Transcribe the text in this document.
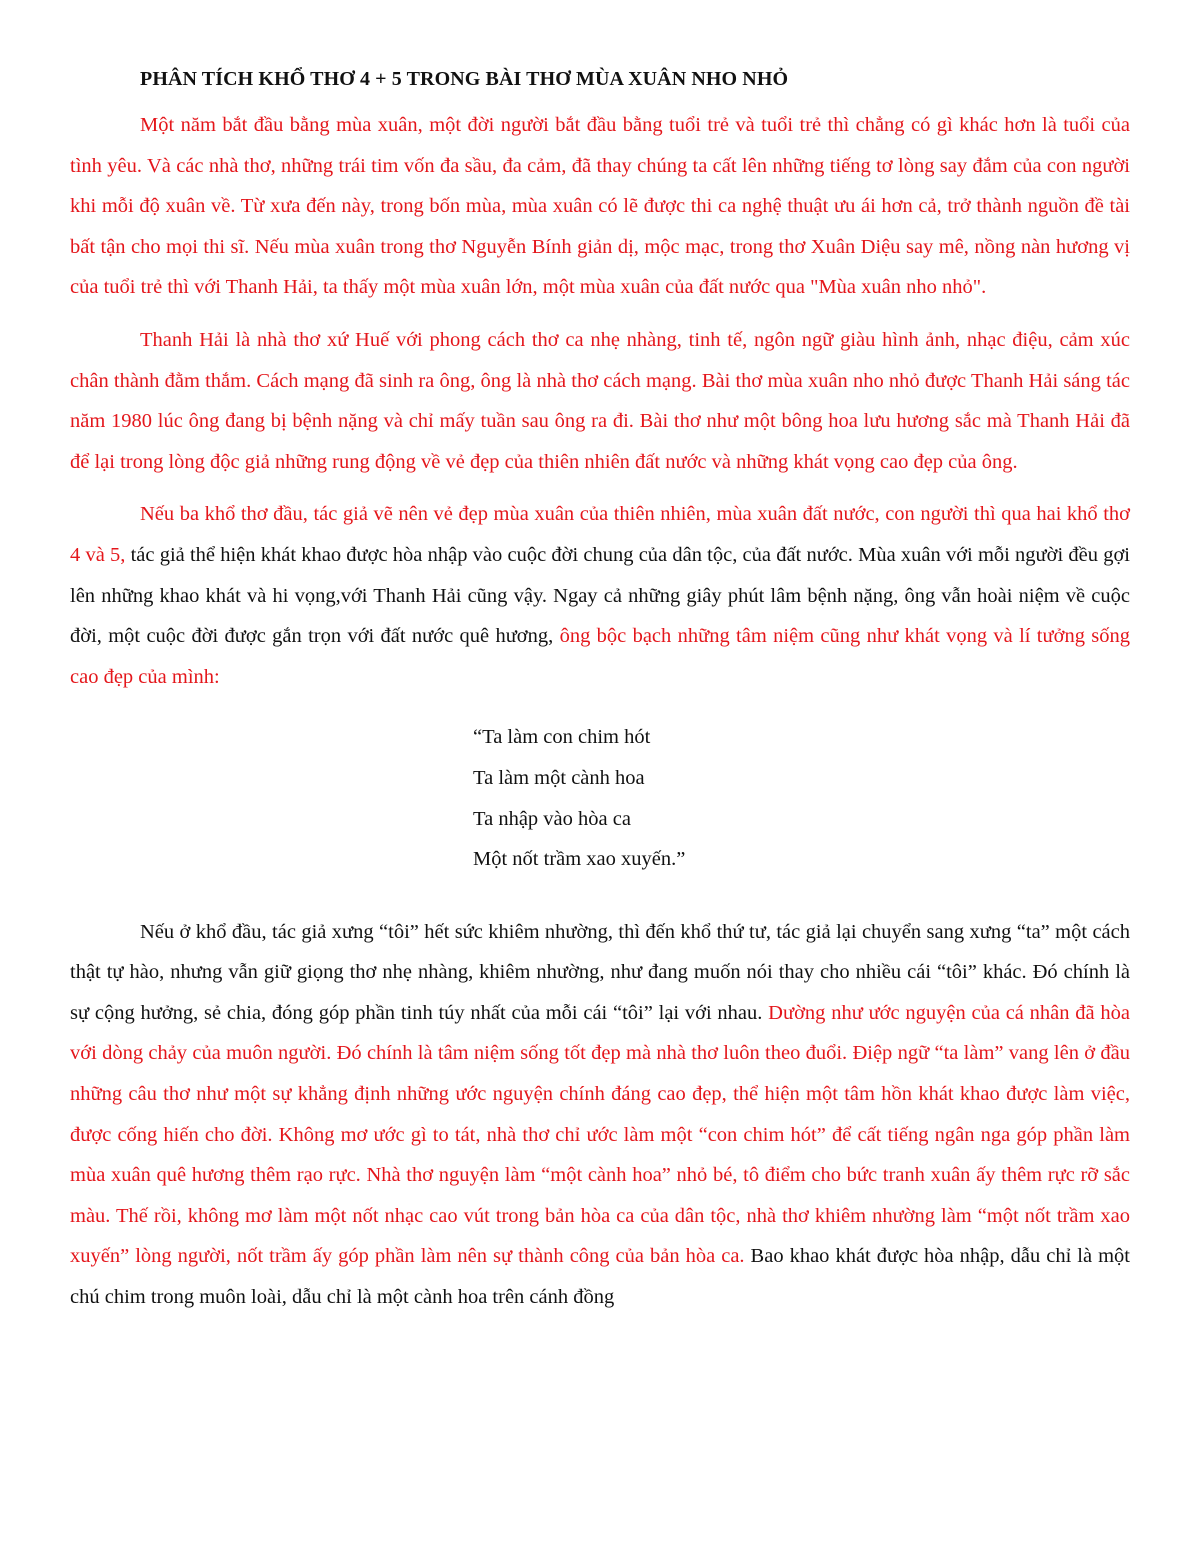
PHÂN TÍCH KHỔ THƠ 4 + 5 TRONG BÀI THƠ MÙA XUÂN NHO NHỎ

Một năm bắt đầu bằng mùa xuân, một đời người bắt đầu bằng tuổi trẻ và tuổi trẻ thì chẳng có gì khác hơn là tuổi của tình yêu. Và các nhà thơ, những trái tim vốn đa sầu, đa cảm, đã thay chúng ta cất lên những tiếng tơ lòng say đắm của con người khi mỗi độ xuân về. Từ xưa đến này, trong bốn mùa, mùa xuân có lẽ được thi ca nghệ thuật ưu ái hơn cả, trở thành nguồn đề tài bất tận cho mọi thi sĩ. Nếu mùa xuân trong thơ Nguyễn Bính giản dị, mộc mạc, trong thơ Xuân Diệu say mê, nồng nàn hương vị của tuổi trẻ thì với Thanh Hải, ta thấy một mùa xuân lớn, một mùa xuân của đất nước qua "Mùa xuân nho nhỏ".

Thanh Hải là nhà thơ xứ Huế với phong cách thơ ca nhẹ nhàng, tinh tế, ngôn ngữ giàu hình ảnh, nhạc điệu, cảm xúc chân thành đằm thắm. Cách mạng đã sinh ra ông, ông là nhà thơ cách mạng. Bài thơ mùa xuân nho nhỏ được Thanh Hải sáng tác năm 1980 lúc ông đang bị bệnh nặng và chỉ mấy tuần sau ông ra đi. Bài thơ như một bông hoa lưu hương sắc mà Thanh Hải đã để lại trong lòng độc giả những rung động về vẻ đẹp của thiên nhiên đất nước và những khát vọng cao đẹp của ông.

Nếu ba khổ thơ đầu, tác giả vẽ nên vẻ đẹp mùa xuân của thiên nhiên, mùa xuân đất nước, con người thì qua hai khổ thơ 4 và 5, tác giả thể hiện khát khao được hòa nhập vào cuộc đời chung của dân tộc, của đất nước. Mùa xuân với mỗi người đều gợi lên những khao khát và hi vọng,với Thanh Hải cũng vậy. Ngay cả những giây phút lâm bệnh nặng, ông vẫn hoài niệm về cuộc đời, một cuộc đời được gắn trọn với đất nước quê hương, ông bộc bạch những tâm niệm cũng như khát vọng và lí tưởng sống cao đẹp của mình:

“Ta làm con chim hót
Ta làm một cành hoa
Ta nhập vào hòa ca
Một nốt trầm xao xuyến.”

Nếu ở khổ đầu, tác giả xưng “tôi” hết sức khiêm nhường, thì đến khổ thứ tư, tác giả lại chuyển sang xưng “ta” một cách thật tự hào, nhưng vẫn giữ giọng thơ nhẹ nhàng, khiêm nhường, như đang muốn nói thay cho nhiều cái “tôi” khác. Đó chính là sự cộng hưởng, sẻ chia, đóng góp phần tinh túy nhất của mỗi cái “tôi” lại với nhau. Dường như ước nguyện của cá nhân đã hòa với dòng chảy của muôn người. Đó chính là tâm niệm sống tốt đẹp mà nhà thơ luôn theo đuổi. Điệp ngữ “ta làm” vang lên ở đầu những câu thơ như một sự khẳng định những ước nguyện chính đáng cao đẹp, thể hiện một tâm hồn khát khao được làm việc, được cống hiến cho đời. Không mơ ước gì to tát, nhà thơ chỉ ước làm một “con chim hót” để cất tiếng ngân nga góp phần làm mùa xuân quê hương thêm rạo rực. Nhà thơ nguyện làm “một cành hoa” nhỏ bé, tô điểm cho bức tranh xuân ấy thêm rực rỡ sắc màu. Thế rồi, không mơ làm một nốt nhạc cao vút trong bản hòa ca của dân tộc, nhà thơ khiêm nhường làm “một nốt trầm xao xuyến” lòng người, nốt trầm ấy góp phần làm nên sự thành công của bản hòa ca. Bao khao khát được hòa nhập, dẫu chỉ là một chú chim trong muôn loài, dẫu chỉ là một cành hoa trên cánh đồng
